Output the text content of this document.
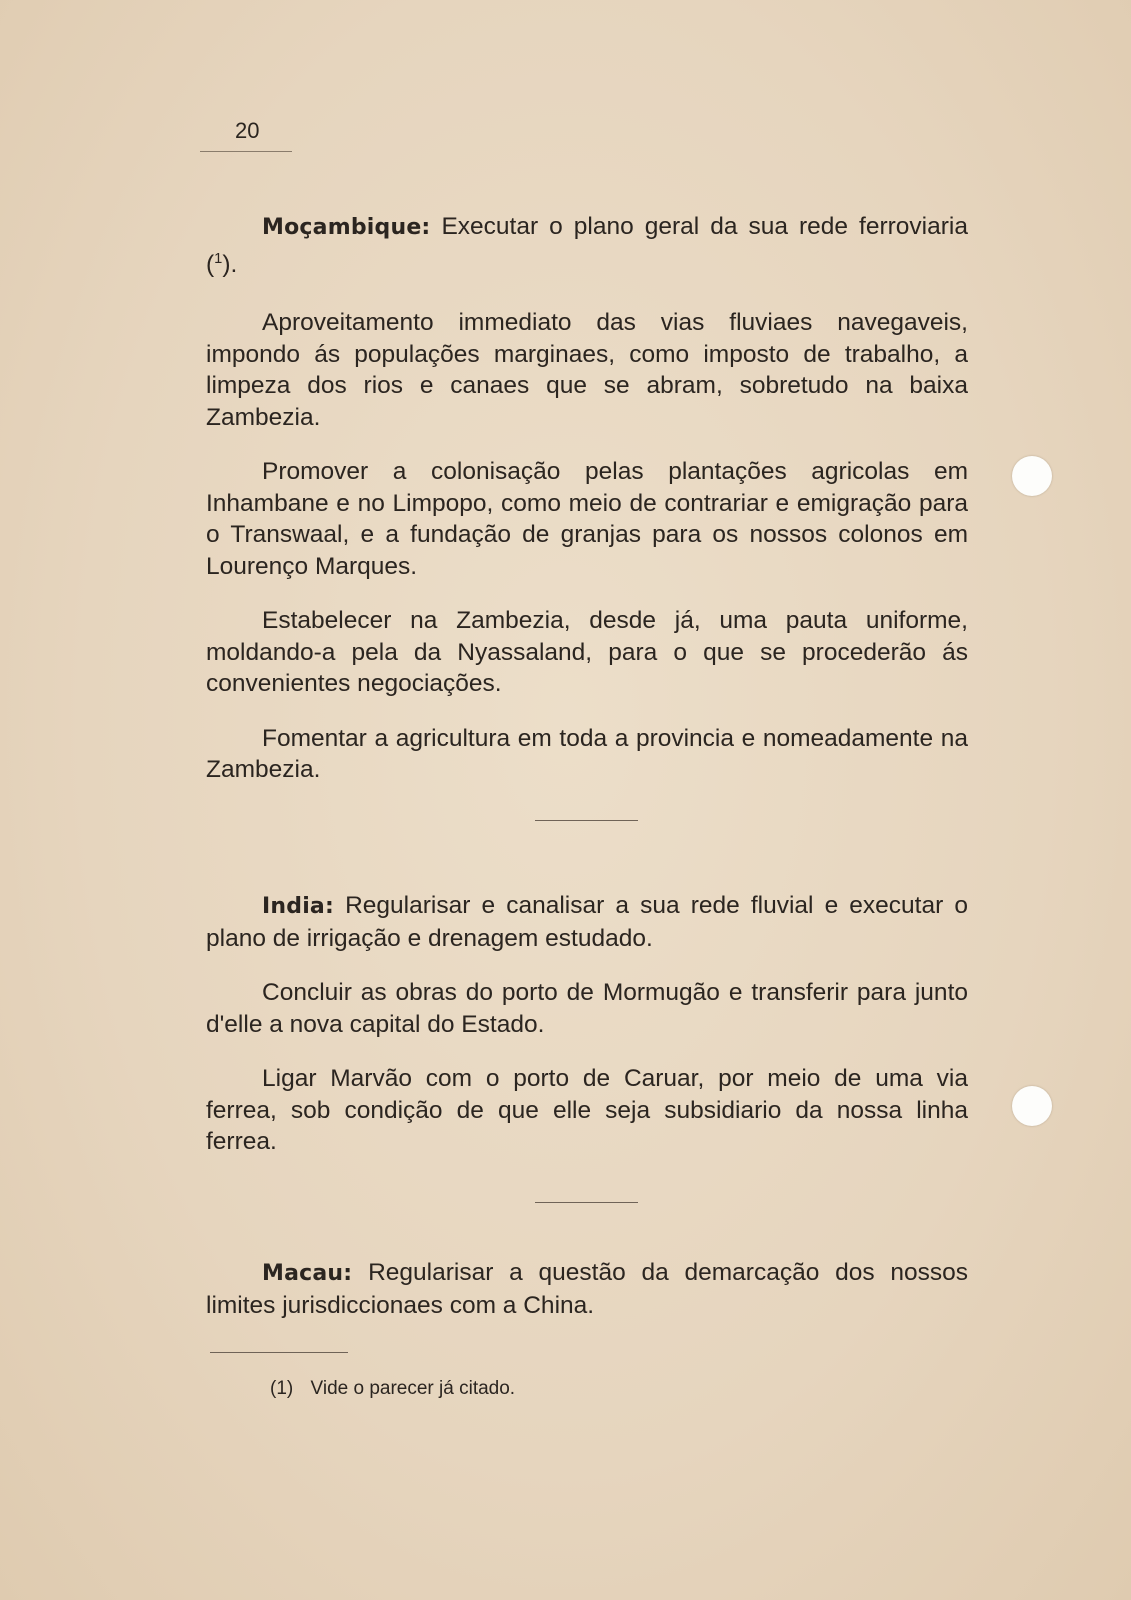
20

Moçambique: Executar o plano geral da sua rede ferroviaria ($^1$).

Aproveitamento immediato das vias fluviaes navegaveis, impondo ás populações marginaes, como imposto de trabalho, a limpeza dos rios e canaes que se abram, sobretudo na baixa Zambezia.

Promover a colonisação pelas plantações agricolas em Inhambane e no Limpopo, como meio de contrariar e emigração para o Transwaal, e a fundação de granjas para os nossos colonos em Lourenço Marques.

Estabelecer na Zambezia, desde já, uma pauta uniforme, moldando-a pela da Nyassaland, para o que se procederão ás convenientes negociações.

Fomentar a agricultura em toda a provincia e nomeadamente na Zambezia.

India: Regularisar e canalisar a sua rede fluvial e executar o plano de irrigação e drenagem estudado.

Concluir as obras do porto de Mormugão e transferir para junto d'elle a nova capital do Estado.

Ligar Marvão com o porto de Caruar, por meio de uma via ferrea, sob condição de que elle seja subsidiario da nossa linha ferrea.

Macau: Regularisar a questão da demarcação dos nossos limites jurisdiccionaes com a China.

(1) Vide o parecer já citado.
